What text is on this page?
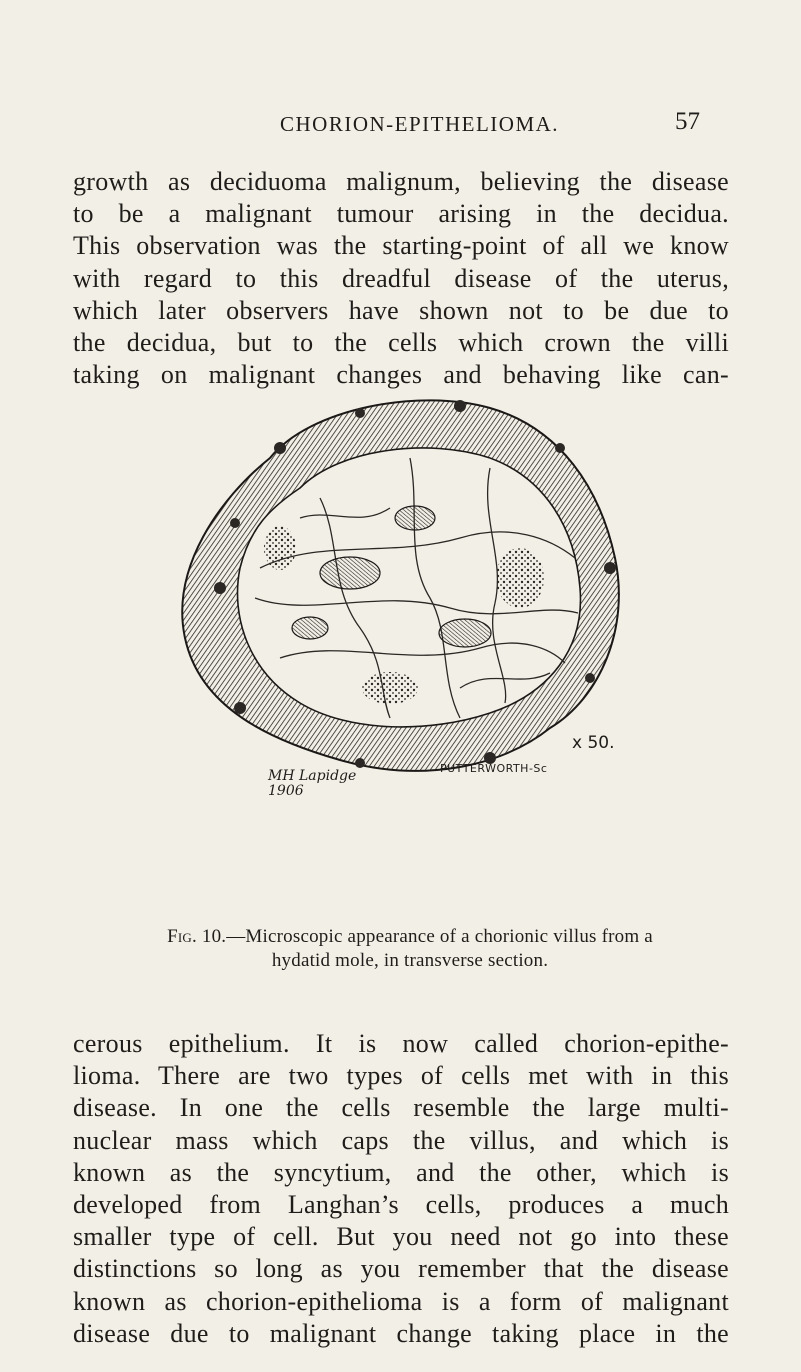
CHORION-EPITHELIOMA.	57
growth as deciduoma malignum, believing the disease
to be a malignant tumour arising in the decidua.
This observation was the starting-point of all we know
with regard to this dreadful disease of the uterus,
which later observers have shown not to be due to
the decidua, but to the cells which crown the villi
taking on malignant changes and behaving like can-
x 50.
MH Lapidge
1906
PUTTERWORTH-Sc
Fig. 10.—Microscopic appearance of a chorionic villus from a hydatid mole, in transverse section.
cerous epithelium. It is now called chorion-epithe-
lioma. There are two types of cells met with in this
disease. In one the cells resemble the large multi-
nuclear mass which caps the villus, and which is
known as the syncytium, and the other, which is
developed from Langhan’s cells, produces a much
smaller type of cell. But you need not go into these
distinctions so long as you remember that the disease
known as chorion-epithelioma is a form of malignant
disease due to malignant change taking place in the
